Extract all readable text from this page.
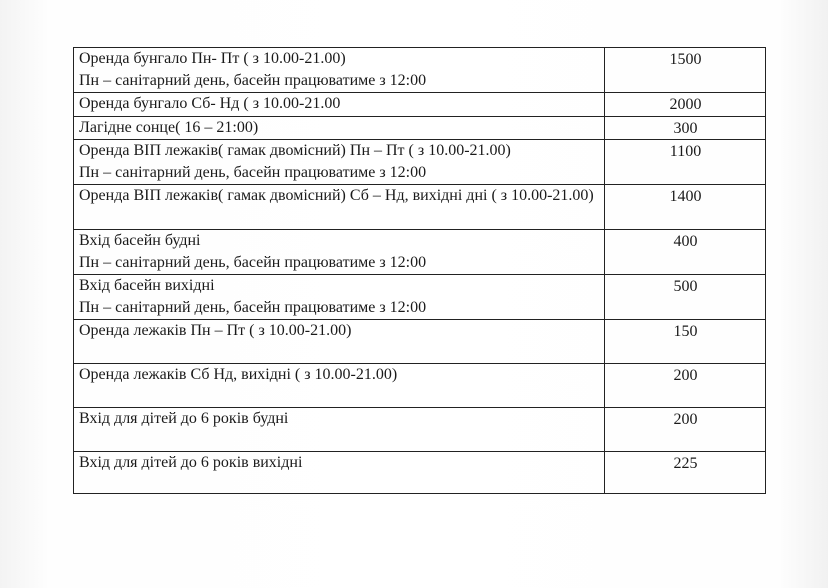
Оренда бунгало Пн- Пт ( з 10.00-21.00)
Пн – санітарний день, басейн працюватиме з 12:00	1500

Оренда бунгало Сб- Нд ( з 10.00-21.00	2000

Лагідне сонце( 16 – 21:00)	300

Оренда ВІП лежаків( гамак двомісний) Пн – Пт ( з 10.00-21.00)
Пн – санітарний день, басейн працюватиме з 12:00	1100

Оренда ВІП лежаків( гамак двомісний) Сб – Нд, вихідні дні ( з 10.00-21.00)	1400

Вхід басейн будні
Пн – санітарний день, басейн працюватиме з 12:00	400

Вхід басейн вихідні
Пн – санітарний день, басейн працюватиме з 12:00	500

Оренда лежаків Пн – Пт ( з 10.00-21.00)	150

Оренда лежаків Сб Нд, вихідні ( з 10.00-21.00)	200

Вхід для дітей до 6 років будні	200

Вхід для дітей до 6 років вихідні	225
